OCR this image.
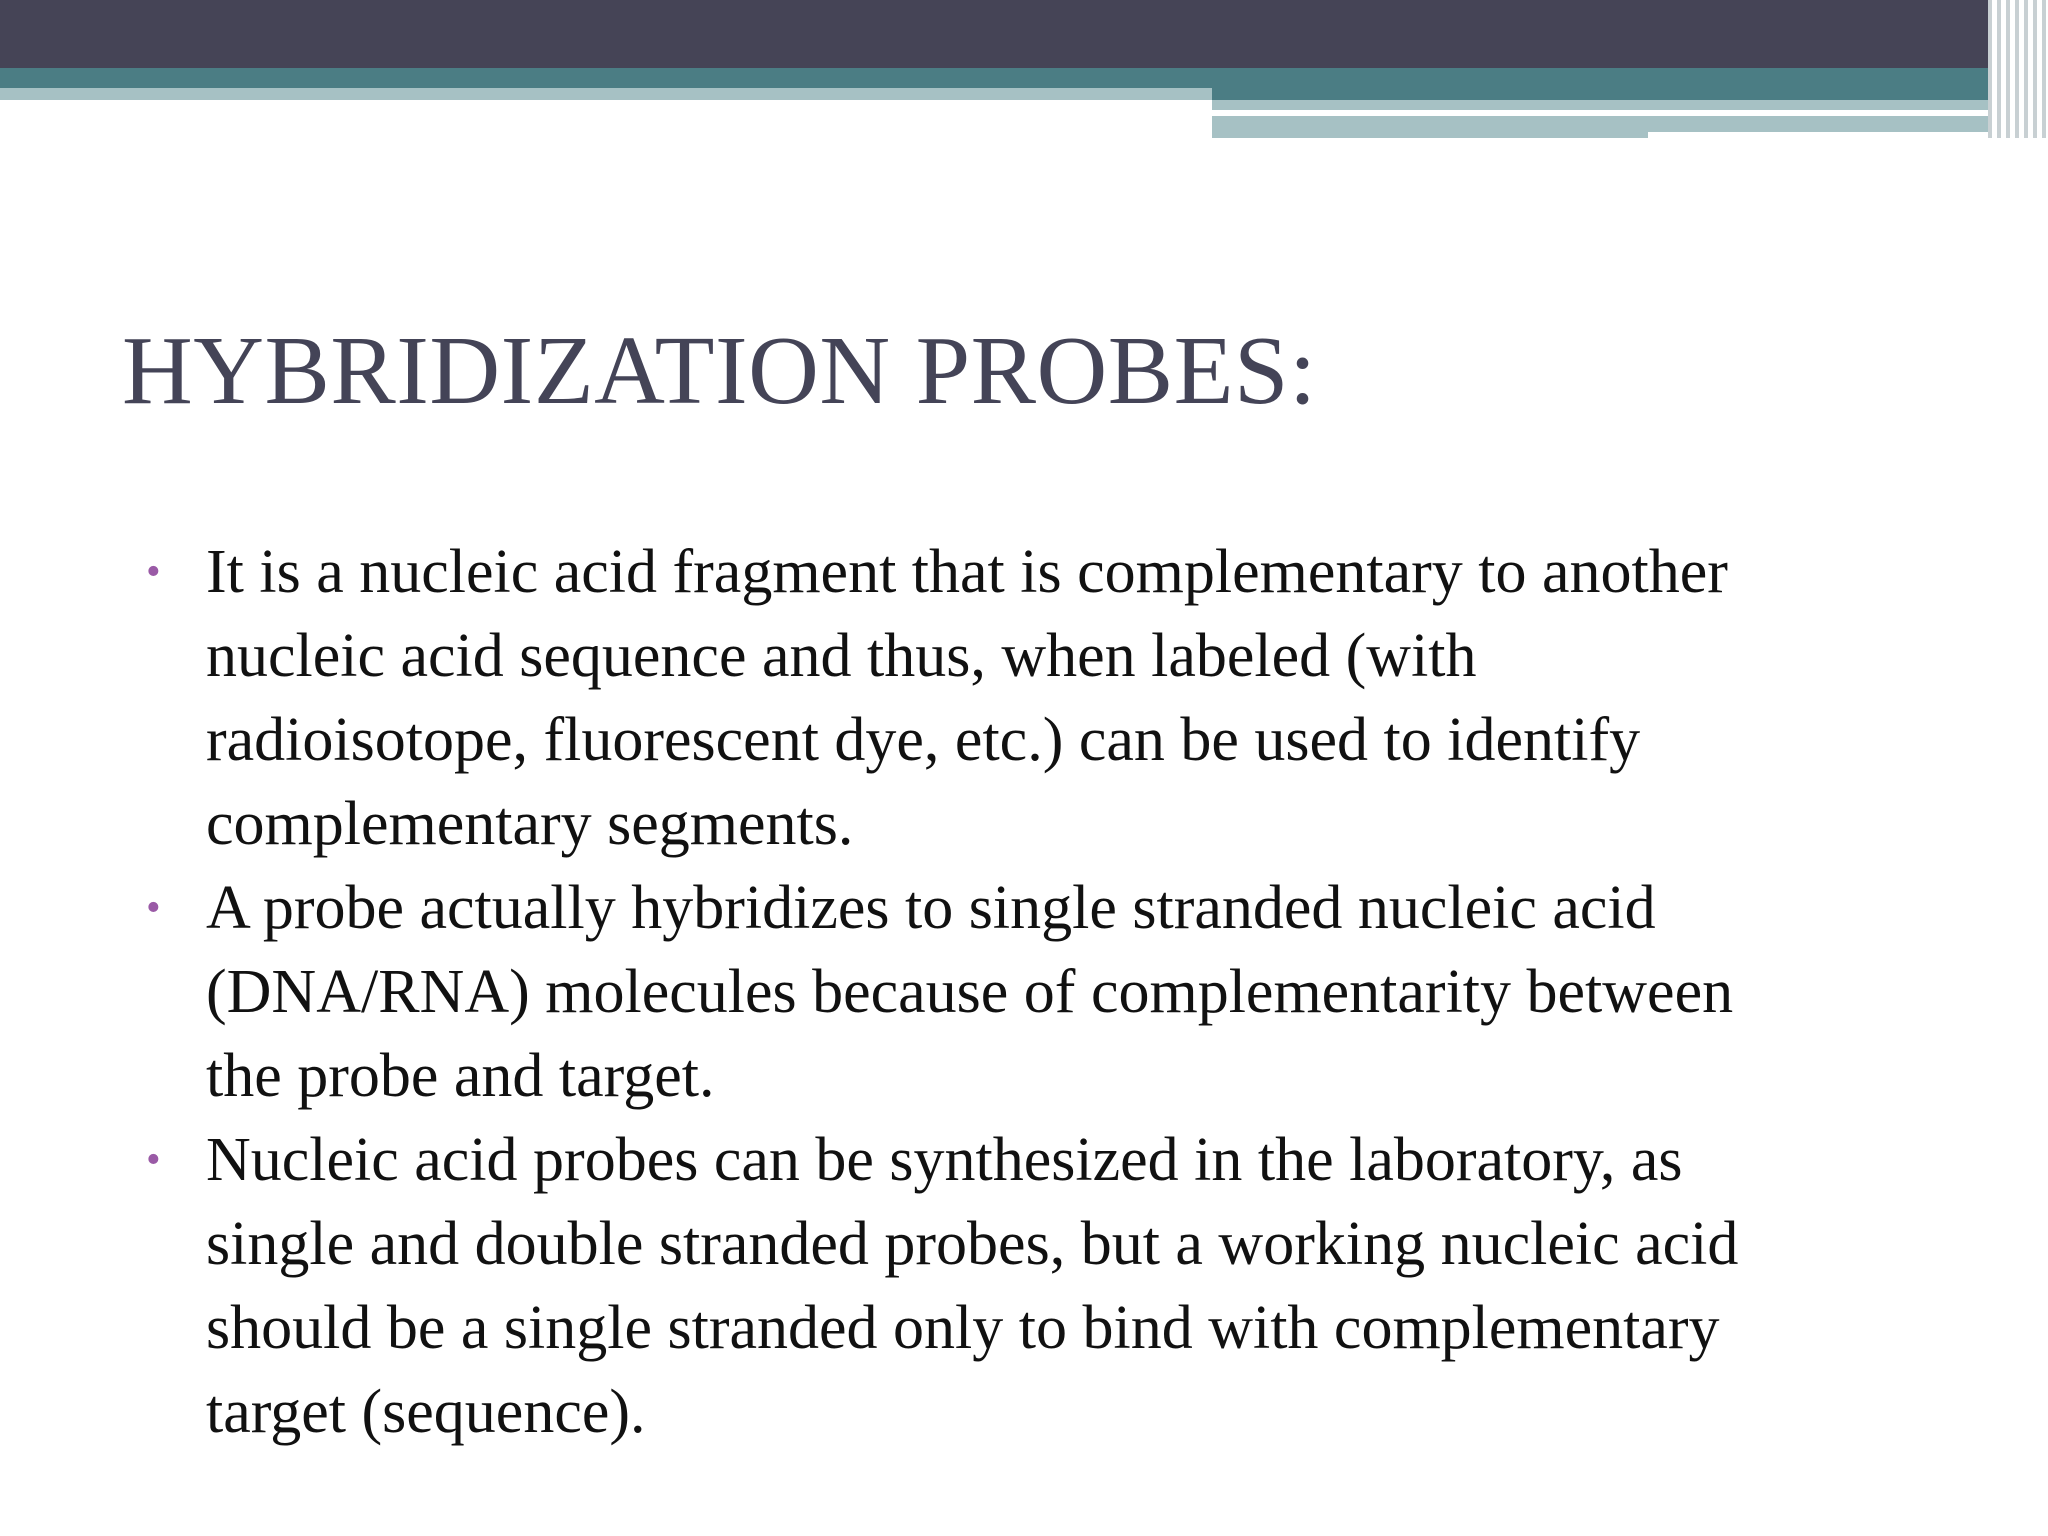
HYBRIDIZATION PROBES:
• It is a nucleic acid fragment that is complementary to another
nucleic acid sequence and thus, when labeled (with
radioisotope, fluorescent dye, etc.) can be used to identify
complementary segments.
• A probe actually hybridizes to single stranded nucleic acid
(DNA/RNA) molecules because of complementarity between
the probe and target.
• Nucleic acid probes can be synthesized in the laboratory, as
single and double stranded probes, but a working nucleic acid
should be a single stranded only to bind with complementary
target (sequence).
